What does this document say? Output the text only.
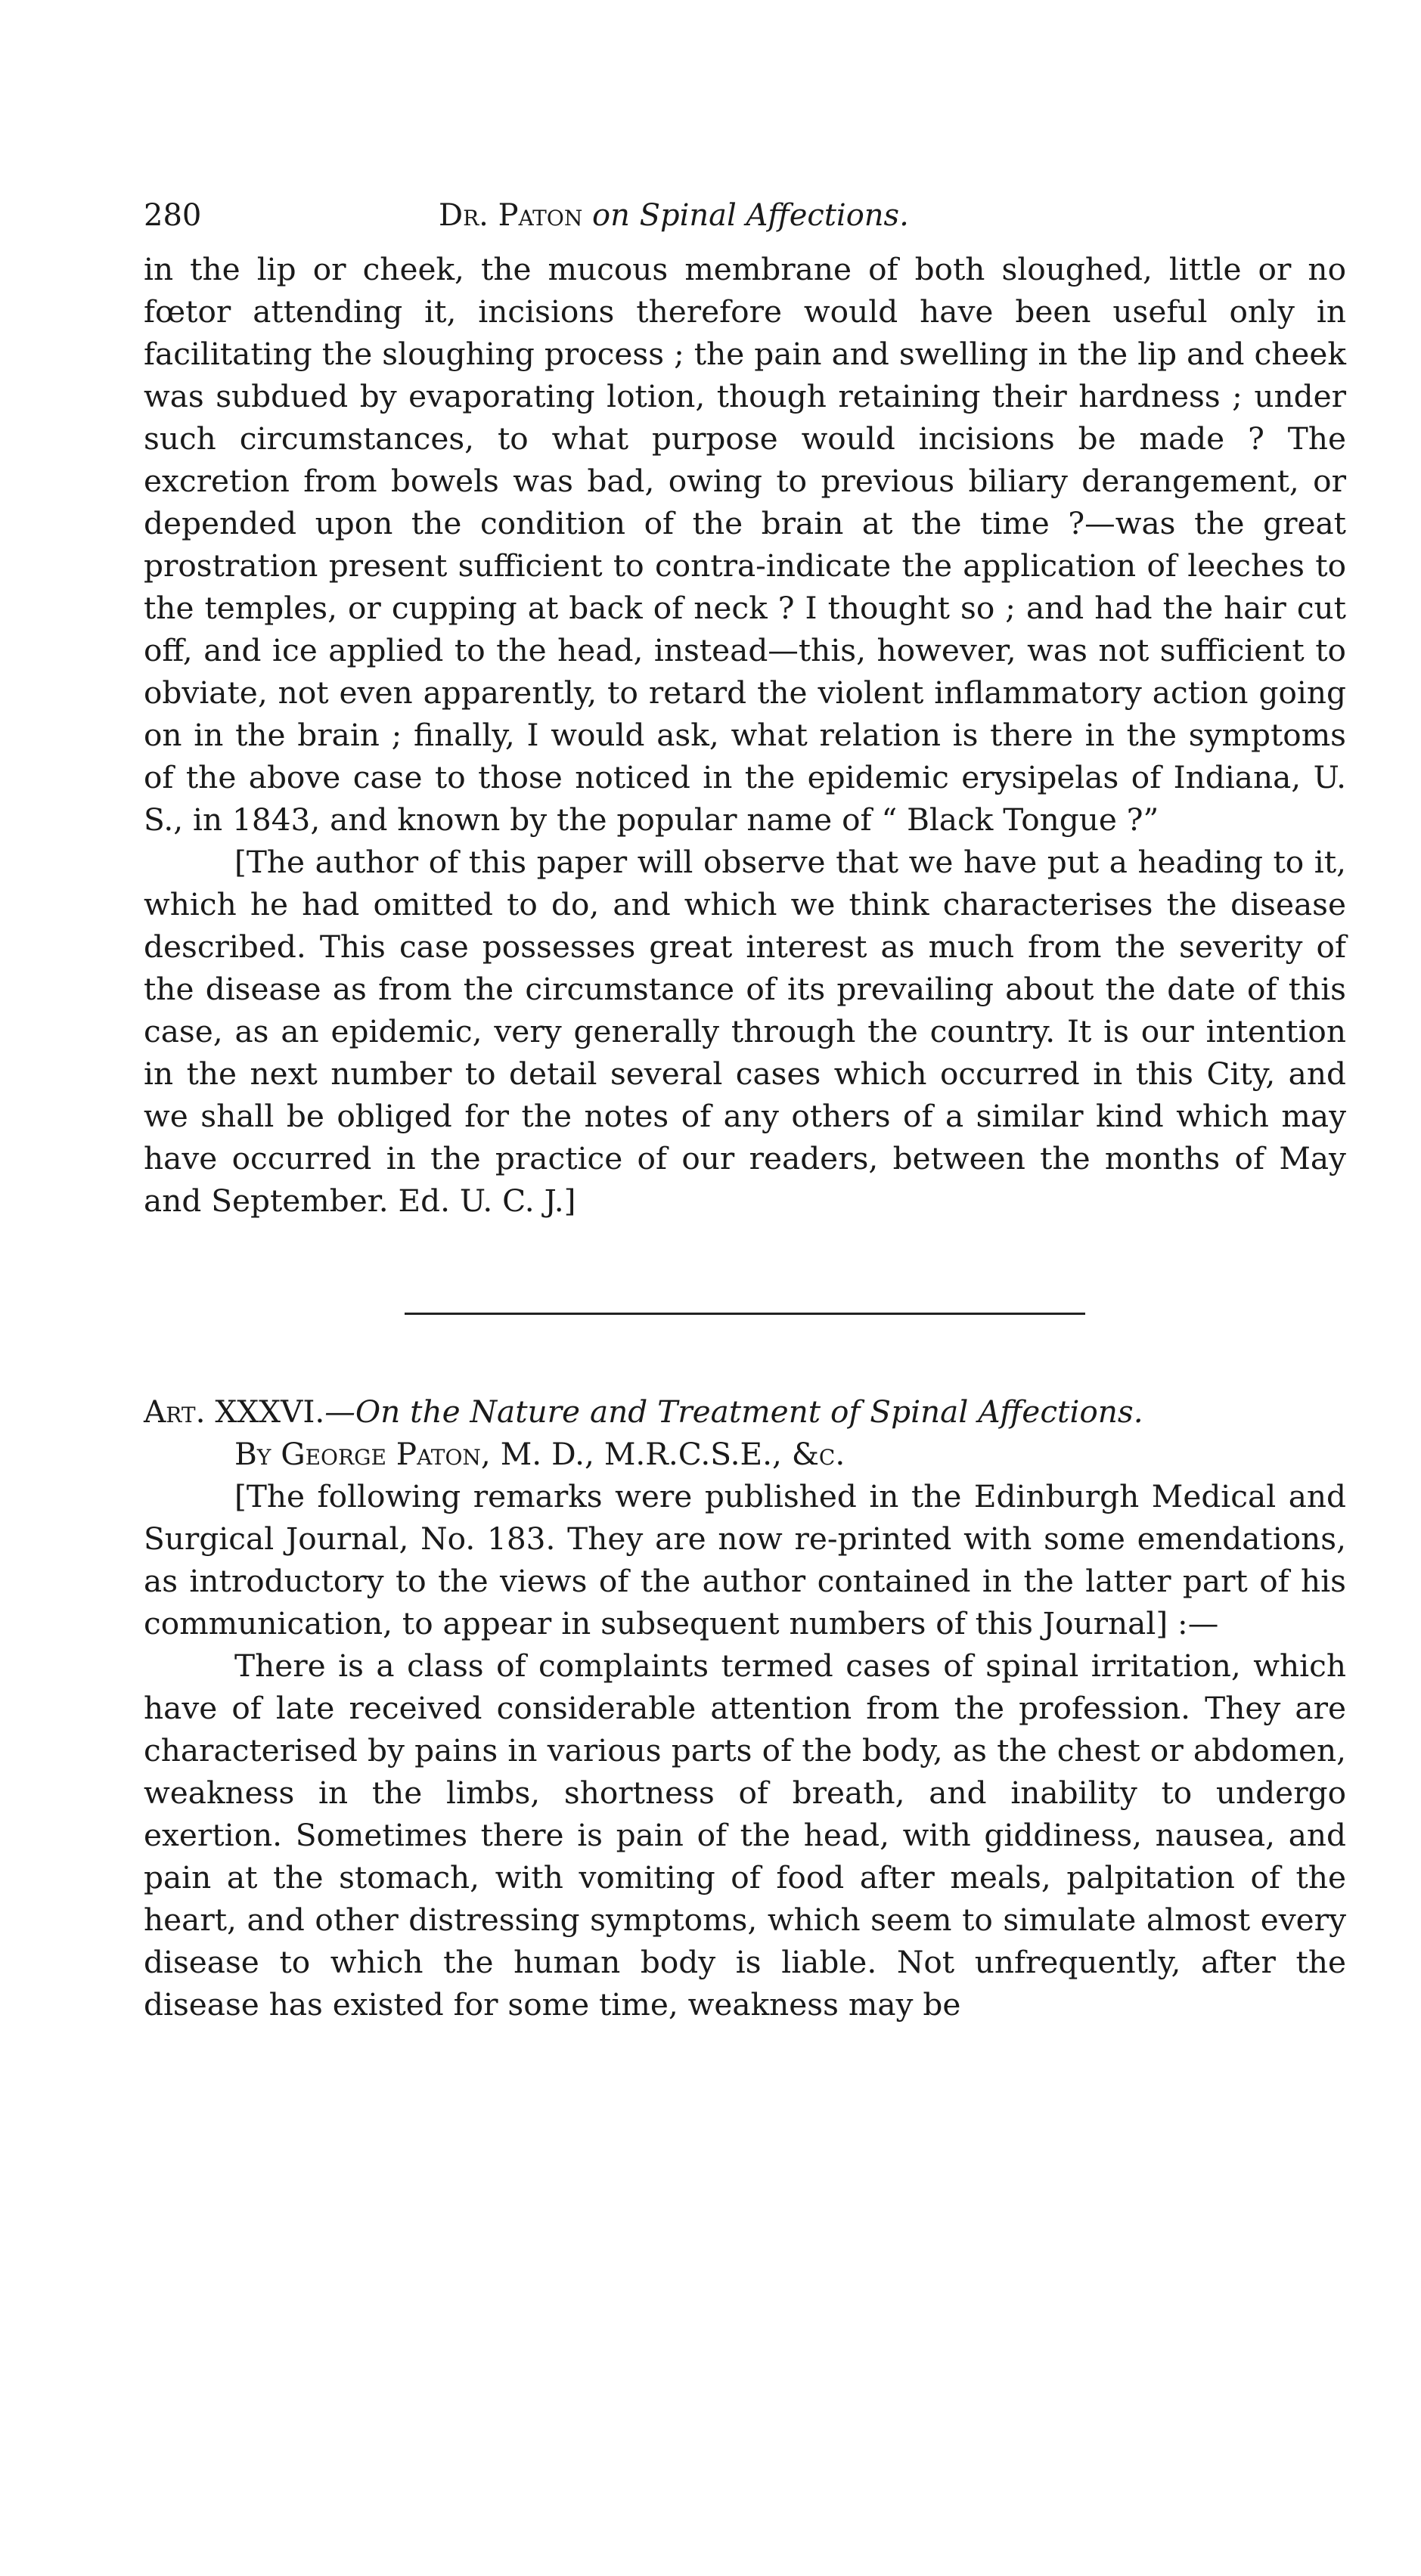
280	Dr. Paton on Spinal Affections.

in the lip or cheek, the mucous membrane of both sloughed, little or no fœtor attending it, incisions therefore would have been useful only in facilitating the sloughing process ; the pain and swelling in the lip and cheek was subdued by evaporating lotion, though retaining their hardness ; under such circumstances, to what purpose would incisions be made ? The excretion from bowels was bad, owing to previous biliary derangement, or depended upon the condition of the brain at the time ?—was the great prostration present sufficient to contra-indicate the application of leeches to the temples, or cupping at back of neck ? I thought so ; and had the hair cut off, and ice applied to the head, instead—this, however, was not sufficient to obviate, not even apparently, to retard the violent inflammatory action going on in the brain ; finally, I would ask, what relation is there in the symptoms of the above case to those noticed in the epidemic erysipelas of Indiana, U. S., in 1843, and known by the popular name of “ Black Tongue ?”

[The author of this paper will observe that we have put a heading to it, which he had omitted to do, and which we think characterises the disease described. This case possesses great interest as much from the severity of the disease as from the circumstance of its prevailing about the date of this case, as an epidemic, very generally through the country. It is our intention in the next number to detail several cases which occurred in this City, and we shall be obliged for the notes of any others of a similar kind which may have occurred in the practice of our readers, between the months of May and September. Ed. U. C. J.]

Art. XXXVI.—On the Nature and Treatment of Spinal Affections.
By George Paton, M. D., M.R.C.S.E., &c.

[The following remarks were published in the Edinburgh Medical and Surgical Journal, No. 183. They are now re-printed with some emendations, as introductory to the views of the author contained in the latter part of his communication, to appear in subsequent numbers of this Journal] :—

There is a class of complaints termed cases of spinal irritation, which have of late received considerable attention from the profession. They are characterised by pains in various parts of the body, as the chest or abdomen, weakness in the limbs, shortness of breath, and inability to undergo exertion. Sometimes there is pain of the head, with giddiness, nausea, and pain at the stomach, with vomiting of food after meals, palpitation of the heart, and other distressing symptoms, which seem to simulate almost every disease to which the human body is liable. Not unfrequently, after the disease has existed for some time, weakness may be
